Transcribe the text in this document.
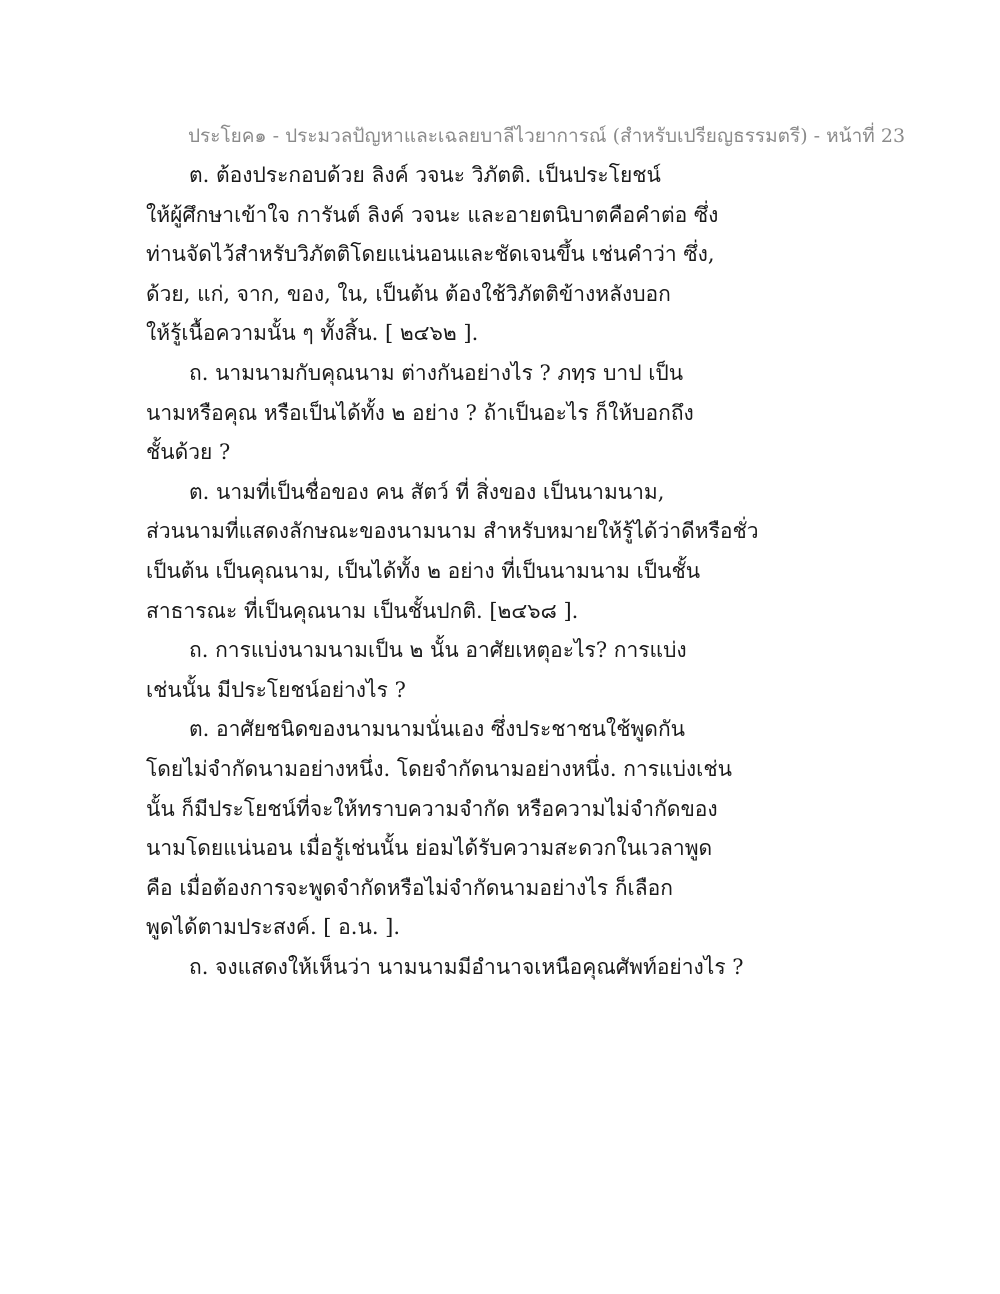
ประโยค๑ - ประมวลปัญหาและเฉลยบาลีไวยาการณ์ (สำหรับเปรียญธรรมตรี) - หน้าที่ 23
ต. ต้องประกอบด้วย ลิงค์ วจนะ วิภัตติ. เป็นประโยชน์
ให้ผู้ศึกษาเข้าใจ การันต์ ลิงค์ วจนะ และอายตนิบาตคือคำต่อ ซึ่ง
ท่านจัดไว้สำหรับวิภัตติโดยแน่นอนและชัดเจนขึ้น เช่นคำว่า ซึ่ง,
ด้วย, แก่, จาก, ของ, ใน, เป็นต้น ต้องใช้วิภัตติข้างหลังบอก
ให้รู้เนื้อความนั้น ๆ ทั้งสิ้น. [ ๒๔๖๒ ].
ถ. นามนามกับคุณนาม ต่างกันอย่างไร ? ภทฺร บาป เป็น
นามหรือคุณ หรือเป็นได้ทั้ง ๒ อย่าง ? ถ้าเป็นอะไร ก็ให้บอกถึง
ชั้นด้วย ?
ต. นามที่เป็นชื่อของ คน สัตว์ ที่ สิ่งของ เป็นนามนาม,
ส่วนนามที่แสดงลักษณะของนามนาม สำหรับหมายให้รู้ได้ว่าดีหรือชั่ว
เป็นต้น เป็นคุณนาม, เป็นได้ทั้ง ๒ อย่าง ที่เป็นนามนาม เป็นชั้น
สาธารณะ ที่เป็นคุณนาม เป็นชั้นปกติ. [๒๔๖๘ ].
ถ. การแบ่งนามนามเป็น ๒ นั้น อาศัยเหตุอะไร? การแบ่ง
เช่นนั้น มีประโยชน์อย่างไร ?
ต. อาศัยชนิดของนามนามนั่นเอง ซึ่งประชาชนใช้พูดกัน
โดยไม่จำกัดนามอย่างหนึ่ง. โดยจำกัดนามอย่างหนึ่ง. การแบ่งเช่น
นั้น ก็มีประโยชน์ที่จะให้ทราบความจำกัด หรือความไม่จำกัดของ
นามโดยแน่นอน เมื่อรู้เช่นนั้น ย่อมได้รับความสะดวกในเวลาพูด
คือ เมื่อต้องการจะพูดจำกัดหรือไม่จำกัดนามอย่างไร ก็เลือก
พูดได้ตามประสงค์. [ อ.น. ].
ถ. จงแสดงให้เห็นว่า นามนามมีอำนาจเหนือคุณศัพท์อย่างไร ?
